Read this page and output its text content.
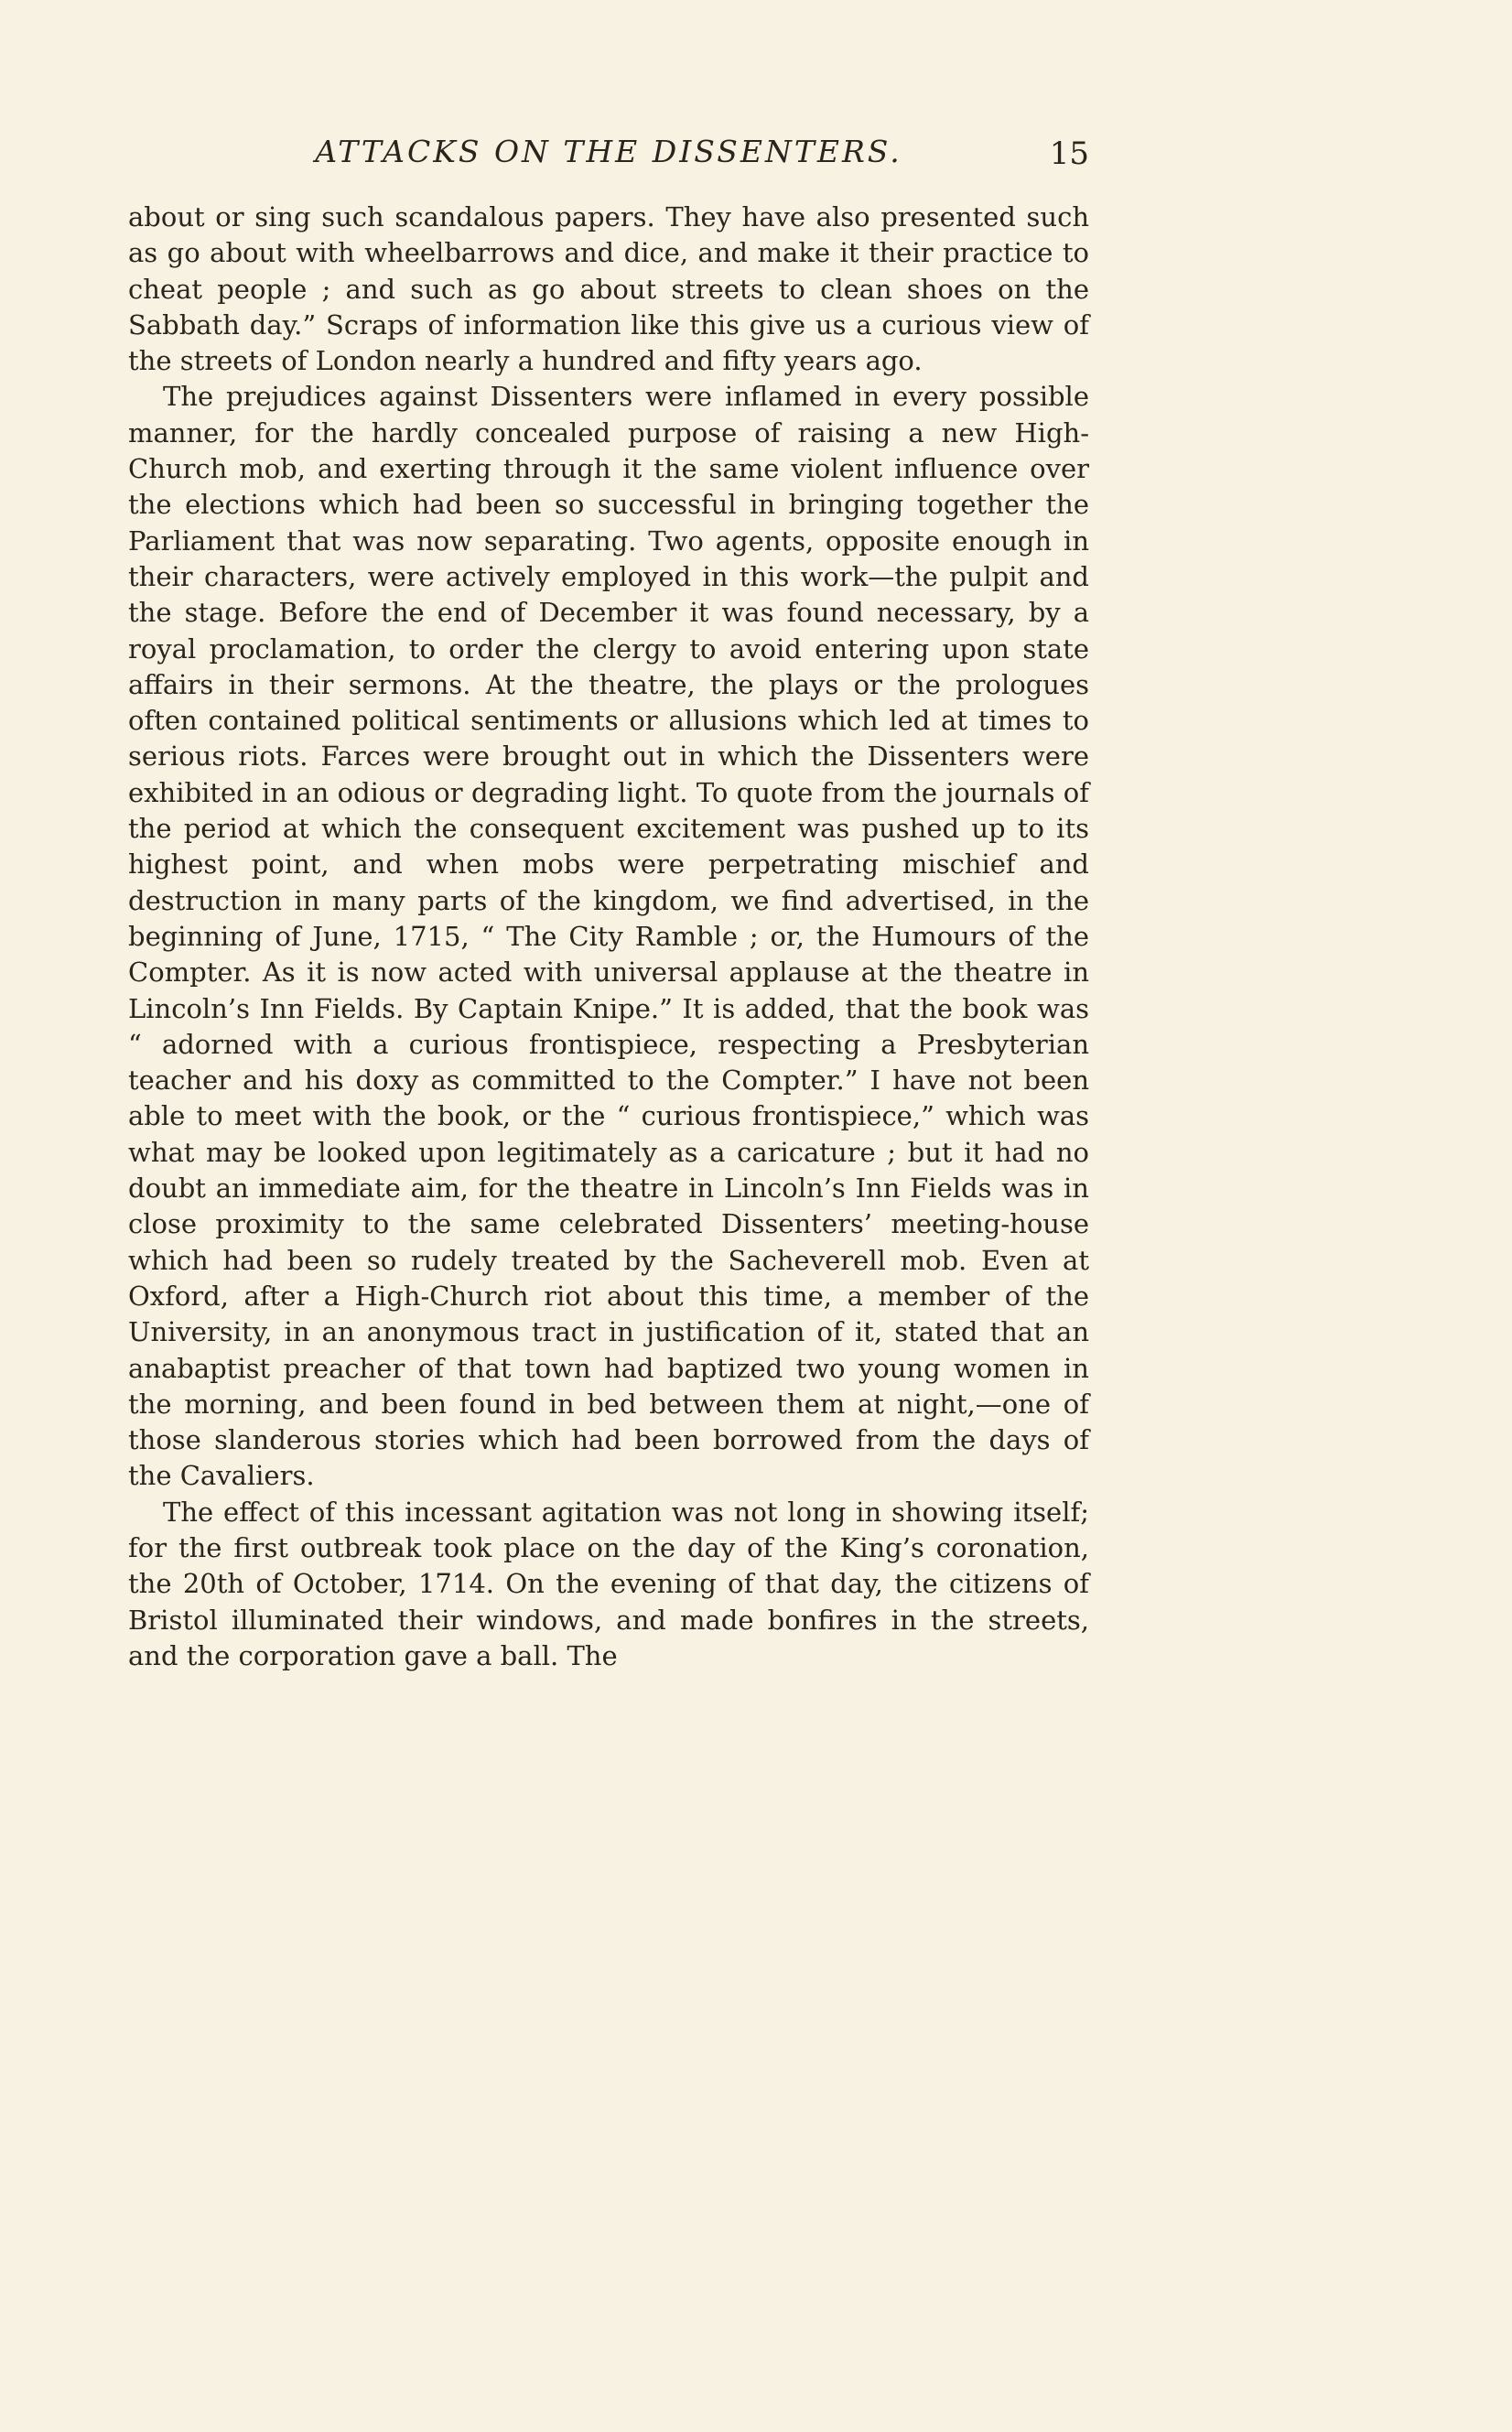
ATTACKS ON THE DISSENTERS.	15

about or sing such scandalous papers. They have also presented such as go about with wheelbarrows and dice, and make it their practice to cheat people ; and such as go about streets to clean shoes on the Sabbath day.” Scraps of information like this give us a curious view of the streets of London nearly a hundred and fifty years ago.

The prejudices against Dissenters were inflamed in every possible manner, for the hardly concealed purpose of raising a new High-Church mob, and exerting through it the same violent influence over the elections which had been so successful in bringing together the Parliament that was now separating. Two agents, opposite enough in their characters, were actively employed in this work—the pulpit and the stage. Before the end of December it was found necessary, by a royal proclamation, to order the clergy to avoid entering upon state affairs in their sermons. At the theatre, the plays or the prologues often contained political sentiments or allusions which led at times to serious riots. Farces were brought out in which the Dissenters were exhibited in an odious or degrading light. To quote from the journals of the period at which the consequent excitement was pushed up to its highest point, and when mobs were perpetrating mischief and destruction in many parts of the kingdom, we find advertised, in the beginning of June, 1715, “ The City Ramble ; or, the Humours of the Compter. As it is now acted with universal applause at the theatre in Lincoln’s Inn Fields. By Captain Knipe.” It is added, that the book was “ adorned with a curious frontispiece, respecting a Presbyterian teacher and his doxy as committed to the Compter.” I have not been able to meet with the book, or the “ curious frontispiece,” which was what may be looked upon legitimately as a caricature ; but it had no doubt an immediate aim, for the theatre in Lincoln’s Inn Fields was in close proximity to the same celebrated Dissenters’ meeting-house which had been so rudely treated by the Sacheverell mob. Even at Oxford, after a High-Church riot about this time, a member of the University, in an anonymous tract in justification of it, stated that an anabaptist preacher of that town had baptized two young women in the morning, and been found in bed between them at night,—one of those slanderous stories which had been borrowed from the days of the Cavaliers.

The effect of this incessant agitation was not long in showing itself; for the first outbreak took place on the day of the King’s coronation, the 20th of October, 1714. On the evening of that day, the citizens of Bristol illuminated their windows, and made bonfires in the streets, and the corporation gave a ball. The
